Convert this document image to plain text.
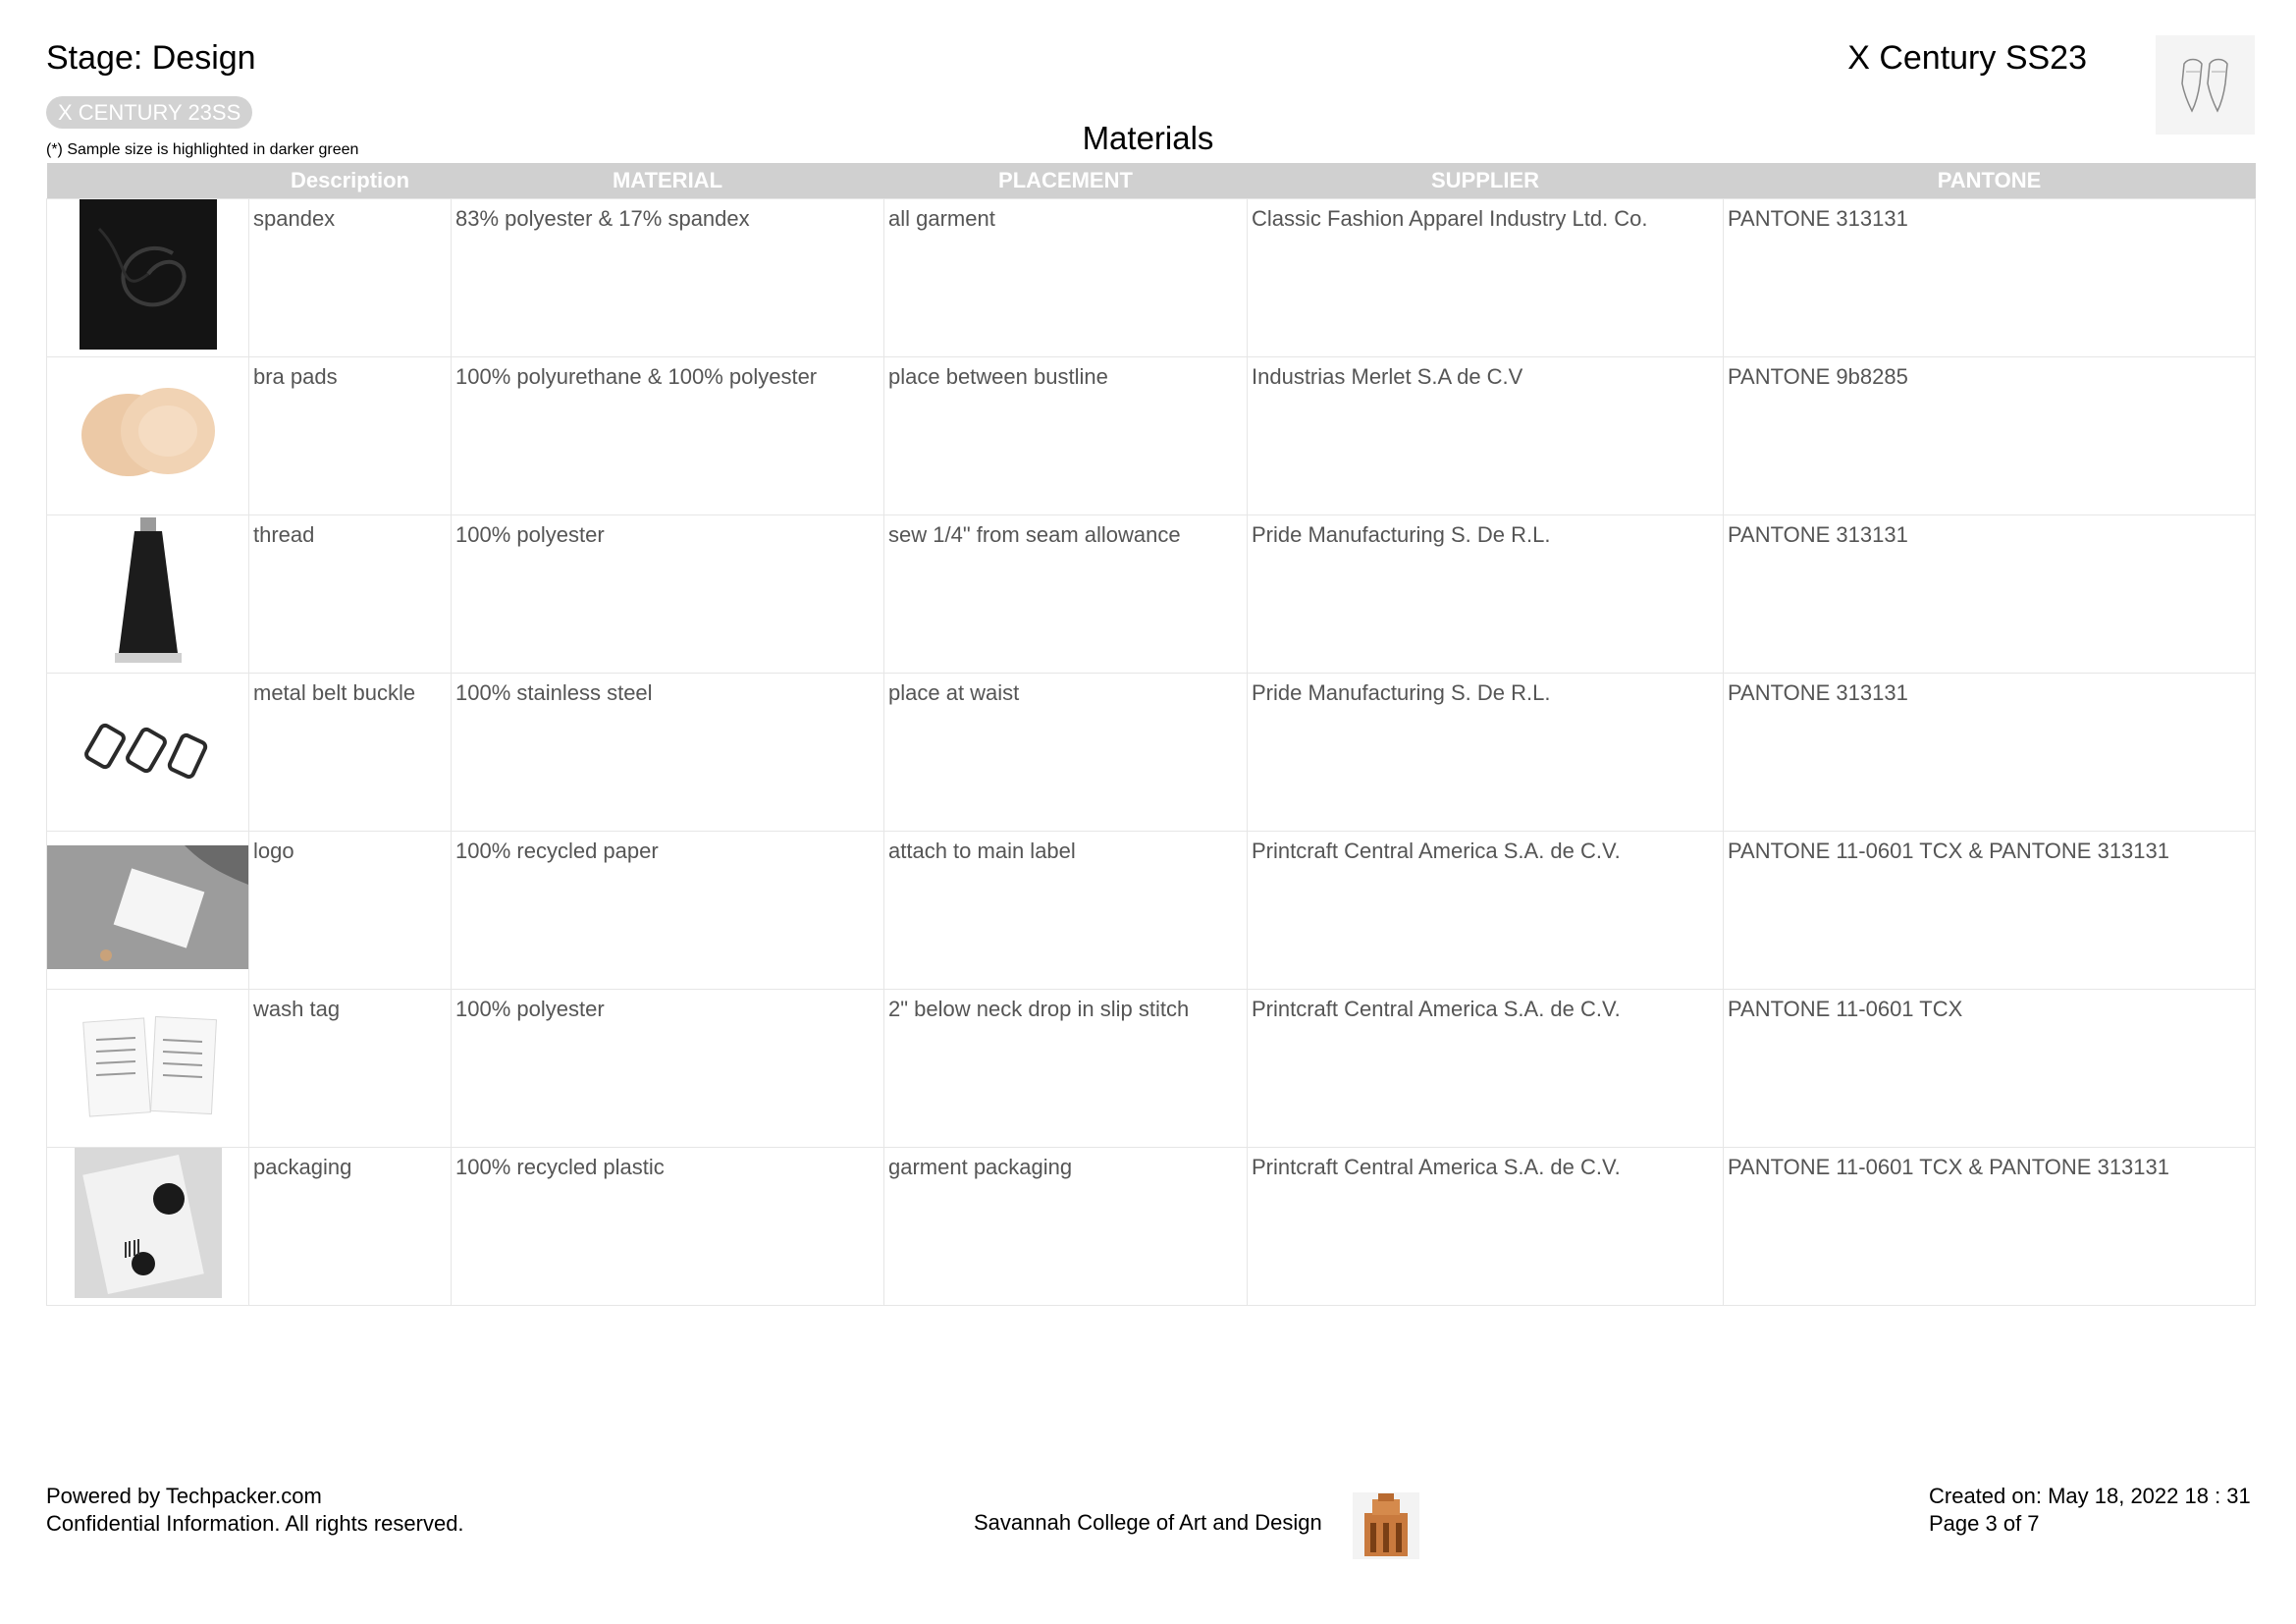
Stage: Design	X Century SS23
X CENTURY 23SS
(*) Sample size is highlighted in darker green	Materials
	Description	MATERIAL	PLACEMENT	SUPPLIER	PANTONE

	spandex	83% polyester & 17% spandex	all garment	Classic Fashion Apparel Industry Ltd. Co.	PANTONE 313131

	bra pads	100% polyurethane & 100% polyester	place between bustline	Industrias Merlet S.A de C.V	PANTONE 9b8285

	thread	100% polyester	sew 1/4" from seam allowance	Pride Manufacturing S. De R.L.	PANTONE 313131

	metal belt buckle	100% stainless steel	place at waist	Pride Manufacturing S. De R.L.	PANTONE 313131

	logo	100% recycled paper	attach to main label	Printcraft Central America S.A. de C.V.	PANTONE 11-0601 TCX & PANTONE 313131

	wash tag	100% polyester	2" below neck drop in slip stitch	Printcraft Central America S.A. de C.V.	PANTONE 11-0601 TCX

	packaging	100% recycled plastic	garment packaging	Printcraft Central America S.A. de C.V.	PANTONE 11-0601 TCX & PANTONE 313131
Powered by Techpacker.com
Confidential Information. All rights reserved.	Savannah College of Art and Design
Created on: May 18, 2022 18 : 31
Page 3 of 7
